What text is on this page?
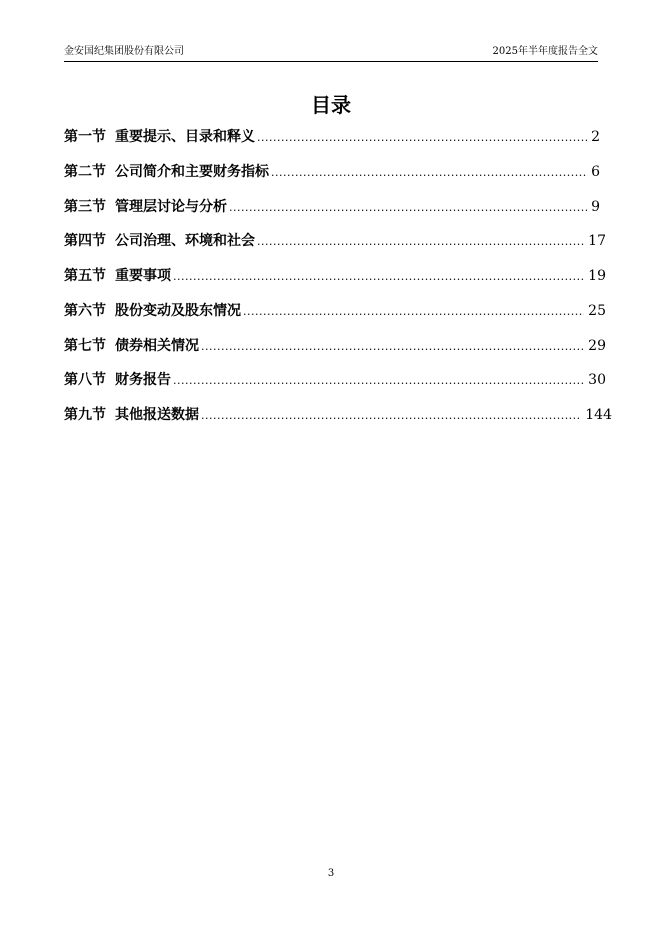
金安国纪集团股份有限公司	2025年半年度报告全文
目录
第一节 重要提示、目录和释义 .....	2
第二节 公司简介和主要财务指标 .....	6
第三节 管理层讨论与分析 .....	9
第四节 公司治理、环境和社会 .....	17
第五节 重要事项 .....	19
第六节 股份变动及股东情况 .....	25
第七节 债券相关情况 .....	29
第八节 财务报告 .....	30
第九节 其他报送数据 .....	144
3
